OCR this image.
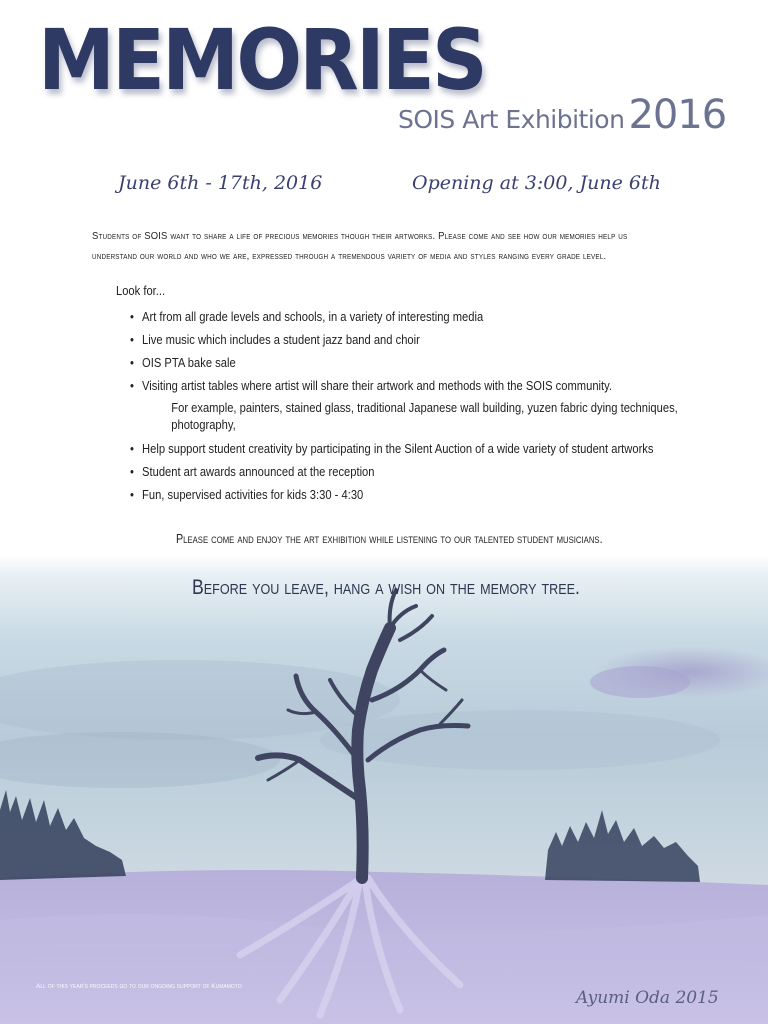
MEMORIES
SOIS Art Exhibition 2016
June 6th - 17th, 2016	Opening at 3:00, June 6th
Students of SOIS want to share a life of precious memories though their artworks. Please come and see how our memories help us understand our world and who we are, expressed through a tremendous variety of media and styles ranging every grade level.
Look for...
• Art from all grade levels and schools, in a variety of interesting media
• Live music which includes a student jazz band and choir
• OIS PTA bake sale
• Visiting artist tables where artist will share their artwork and methods with the SOIS community.
For example, painters, stained glass, traditional Japanese wall building, yuzen fabric dying techniques, photography,
• Help support student creativity by participating in the Silent Auction of a wide variety of student artworks
• Student art awards announced at the reception
• Fun, supervised activities for kids 3:30 - 4:30
Please come and enjoy the art exhibition while listening to our talented student musicians.
Before you leave, hang a wish on the memory tree.
All of this year's proceeds go to our ongoing support of Kumamoto
Ayumi Oda 2015
